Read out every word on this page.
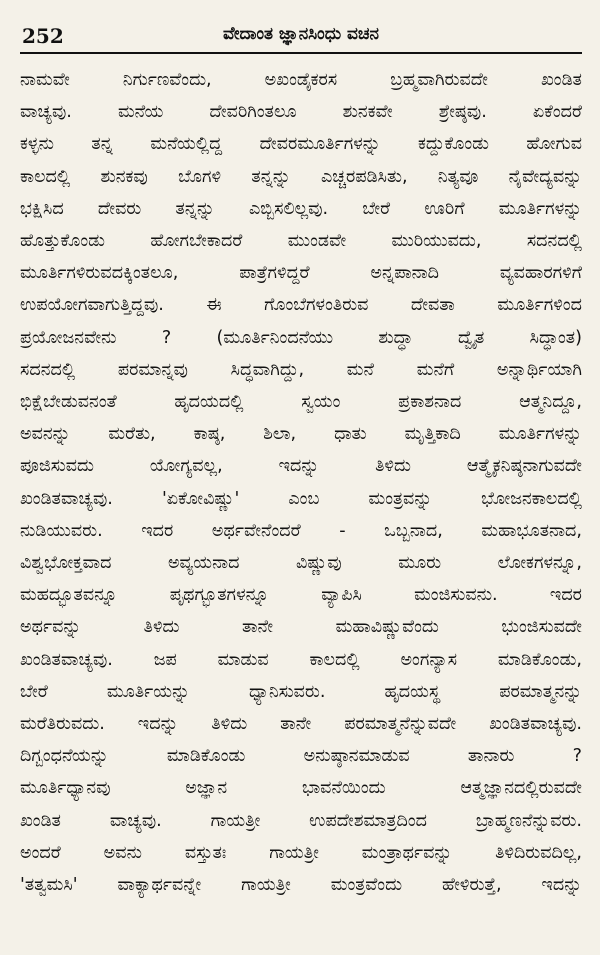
252	ವೇದಾಂತ ಜ್ಞಾನಸಿಂಧು ವಚನ
ನಾಮವೇ ನಿರ್ಗುಣವೆಂದು, ಅಖಂಡೈಕರಸ ಬ್ರಹ್ಮವಾಗಿರುವದೇ ಖಂಡಿತ
ವಾಚ್ಯವು. ಮನೆಯ ದೇವರಿಗಿಂತಲೂ ಶುನಕವೇ ಶ್ರೇಷ್ಠವು. ಏಕೆಂದರೆ
ಕಳ್ಳನು ತನ್ನ ಮನೆಯಲ್ಲಿದ್ದ ದೇವರಮೂರ್ತಿಗಳನ್ನು ಕದ್ದುಕೊಂಡು ಹೋಗುವ
ಕಾಲದಲ್ಲಿ ಶುನಕವು ಬೊಗಳಿ ತನ್ನನ್ನು ಎಚ್ಚರಪಡಿಸಿತು, ನಿತ್ಯವೂ ನೈವೇದ್ಯವನ್ನು
ಭಕ್ಷಿಸಿದ ದೇವರು ತನ್ನನ್ನು ಎಬ್ಬಿಸಲಿಲ್ಲವು. ಬೇರೆ ಊರಿಗೆ ಮೂರ್ತಿಗಳನ್ನು
ಹೊತ್ತುಕೊಂಡು ಹೋಗಬೇಕಾದರೆ ಮುಂಡವೇ ಮುರಿಯುವದು, ಸದನದಲ್ಲಿ
ಮೂರ್ತಿಗಳಿರುವದಕ್ಕಿಂತಲೂ, ಪಾತ್ರೆಗಳಿದ್ದರೆ ಅನ್ನಪಾನಾದಿ ವ್ಯವಹಾರಗಳಿಗೆ
ಉಪಯೋಗವಾಗುತ್ತಿದ್ದವು. ಈ ಗೊಂಬೆಗಳಂತಿರುವ ದೇವತಾ ಮೂರ್ತಿಗಳಿಂದ
ಪ್ರಯೋಜನವೇನು ? (ಮೂರ್ತಿನಿಂದನೆಯು ಶುದ್ಧಾ ದ್ವೈತ ಸಿದ್ಧಾಂತ)
ಸದನದಲ್ಲಿ ಪರಮಾನ್ನವು ಸಿದ್ಧವಾಗಿದ್ದು, ಮನೆ ಮನೆಗೆ ಅನ್ನಾರ್ಥಿಯಾಗಿ
ಭಿಕ್ಷೆಬೇಡುವನಂತೆ ಹೃದಯದಲ್ಲಿ ಸ್ವಯಂ ಪ್ರಕಾಶನಾದ ಆತ್ಮನಿದ್ದೂ,
ಅವನನ್ನು ಮರೆತು, ಕಾಷ್ಠ, ಶಿಲಾ, ಧಾತು ಮೃತ್ತಿಕಾದಿ ಮೂರ್ತಿಗಳನ್ನು
ಪೂಜಿಸುವದು ಯೋಗ್ಯವಲ್ಲ, ಇದನ್ನು ತಿಳಿದು ಆತ್ಮೈಕನಿಷ್ಠನಾಗುವದೇ
ಖಂಡಿತವಾಚ್ಯವು. 'ಏಕೋವಿಷ್ಣು' ಎಂಬ ಮಂತ್ರವನ್ನು ಭೋಜನಕಾಲದಲ್ಲಿ
ನುಡಿಯುವರು. ಇದರ ಅರ್ಥವೇನೆಂದರೆ - ಒಬ್ಬನಾದ, ಮಹಾಭೂತನಾದ,
ವಿಶ್ವಭೋಕ್ತವಾದ ಅವ್ಯಯನಾದ ವಿಷ್ಣುವು ಮೂರು ಲೋಕಗಳನ್ನೂ,
ಮಹದ್ಭೂತವನ್ನೂ ಪೃಥಗ್ಭೂತಗಳನ್ನೂ ವ್ಯಾಪಿಸಿ ಮಂಜಿಸುವನು. ಇದರ
ಅರ್ಥವನ್ನು ತಿಳಿದು ತಾನೇ ಮಹಾವಿಷ್ಣುವೆಂದು ಭುಂಜಿಸುವದೇ
ಖಂಡಿತವಾಚ್ಯವು. ಜಪ ಮಾಡುವ ಕಾಲದಲ್ಲಿ ಅಂಗನ್ಯಾಸ ಮಾಡಿಕೊಂಡು,
ಬೇರೆ ಮೂರ್ತಿಯನ್ನು ಧ್ಯಾನಿಸುವರು. ಹೃದಯಸ್ಥ ಪರಮಾತ್ಮನನ್ನು
ಮರೆತಿರುವದು. ಇದನ್ನು ತಿಳಿದು ತಾನೇ ಪರಮಾತ್ಮನೆನ್ನುವದೇ ಖಂಡಿತವಾಚ್ಯವು.
ದಿಗ್ಬಂಧನೆಯನ್ನು ಮಾಡಿಕೊಂಡು ಅನುಷ್ಠಾನಮಾಡುವ ತಾನಾರು ?
ಮೂರ್ತಿಧ್ಯಾನವು ಅಜ್ಞಾನ ಭಾವನೆಯಿಂದು ಆತ್ಮಜ್ಞಾನದಲ್ಲಿರುವದೇ
ಖಂಡಿತ ವಾಚ್ಯವು. ಗಾಯತ್ರೀ ಉಪದೇಶಮಾತ್ರದಿಂದ ಬ್ರಾಹ್ಮಣನೆನ್ನುವರು.
ಅಂದರೆ ಅವನು ವಸ್ತುತಃ ಗಾಯತ್ರೀ ಮಂತ್ರಾರ್ಥವನ್ನು ತಿಳಿದಿರುವದಿಲ್ಲ,
'ತತ್ವಮಸಿ' ವಾಕ್ಯಾರ್ಥವನ್ನೇ ಗಾಯತ್ರೀ ಮಂತ್ರವೆಂದು ಹೇಳಿರುತ್ತೆ, ಇದನ್ನು
